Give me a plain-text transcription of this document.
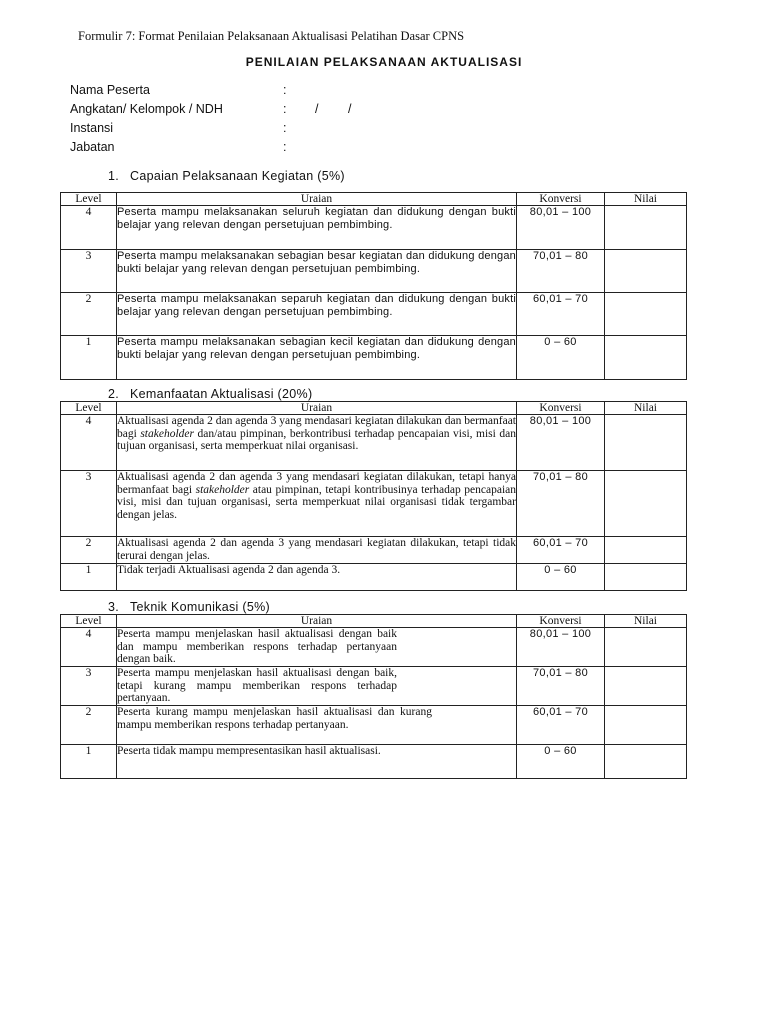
Formulir 7: Format Penilaian Pelaksanaan Aktualisasi Pelatihan Dasar CPNS
PENILAIAN PELAKSANAAN AKTUALISASI
Nama Peserta	:
Angkatan/ Kelompok / NDH	: / /
Instansi	:
Jabatan	:
1. Capaian Pelaksanaan Kegiatan (5%)
Level	Uraian	Konversi	Nilai
4	Peserta mampu melaksanakan seluruh kegiatan dan didukung dengan bukti belajar yang relevan dengan persetujuan pembimbing.	80,01 – 100	
3	Peserta mampu melaksanakan sebagian besar kegiatan dan didukung dengan bukti belajar yang relevan dengan persetujuan pembimbing.	70,01 – 80	
2	Peserta mampu melaksanakan separuh kegiatan dan didukung dengan bukti belajar yang relevan dengan persetujuan pembimbing.	60,01 – 70	
1	Peserta mampu melaksanakan sebagian kecil kegiatan dan didukung dengan bukti belajar yang relevan dengan persetujuan pembimbing.	0 – 60	
2. Kemanfaatan Aktualisasi (20%)
Level	Uraian	Konversi	Nilai
4	Aktualisasi agenda 2 dan agenda 3 yang mendasari kegiatan dilakukan dan bermanfaat bagi stakeholder dan/atau pimpinan, berkontribusi terhadap pencapaian visi, misi dan tujuan organisasi, serta memperkuat nilai organisasi.	80,01 – 100	
3	Aktualisasi agenda 2 dan agenda 3 yang mendasari kegiatan dilakukan, tetapi hanya bermanfaat bagi stakeholder atau pimpinan, tetapi kontribusinya terhadap pencapaian visi, misi dan tujuan organisasi, serta memperkuat nilai organisasi tidak tergambar dengan jelas.	70,01 – 80	
2	Aktualisasi agenda 2 dan agenda 3 yang mendasari kegiatan dilakukan, tetapi tidak terurai dengan jelas.	60,01 – 70	
1	Tidak terjadi Aktualisasi agenda 2 dan agenda 3.	0 – 60	
3. Teknik Komunikasi (5%)
Level	Uraian	Konversi	Nilai
4	Peserta mampu menjelaskan hasil aktualisasi dengan baik dan mampu memberikan respons terhadap pertanyaan dengan baik.	80,01 – 100	
3	Peserta mampu menjelaskan hasil aktualisasi dengan baik, tetapi kurang mampu memberikan respons terhadap pertanyaan.	70,01 – 80	
2	Peserta kurang mampu menjelaskan hasil aktualisasi dan kurang mampu memberikan respons terhadap pertanyaan.	60,01 – 70	
1	Peserta tidak mampu mempresentasikan hasil aktualisasi.	0 – 60	
